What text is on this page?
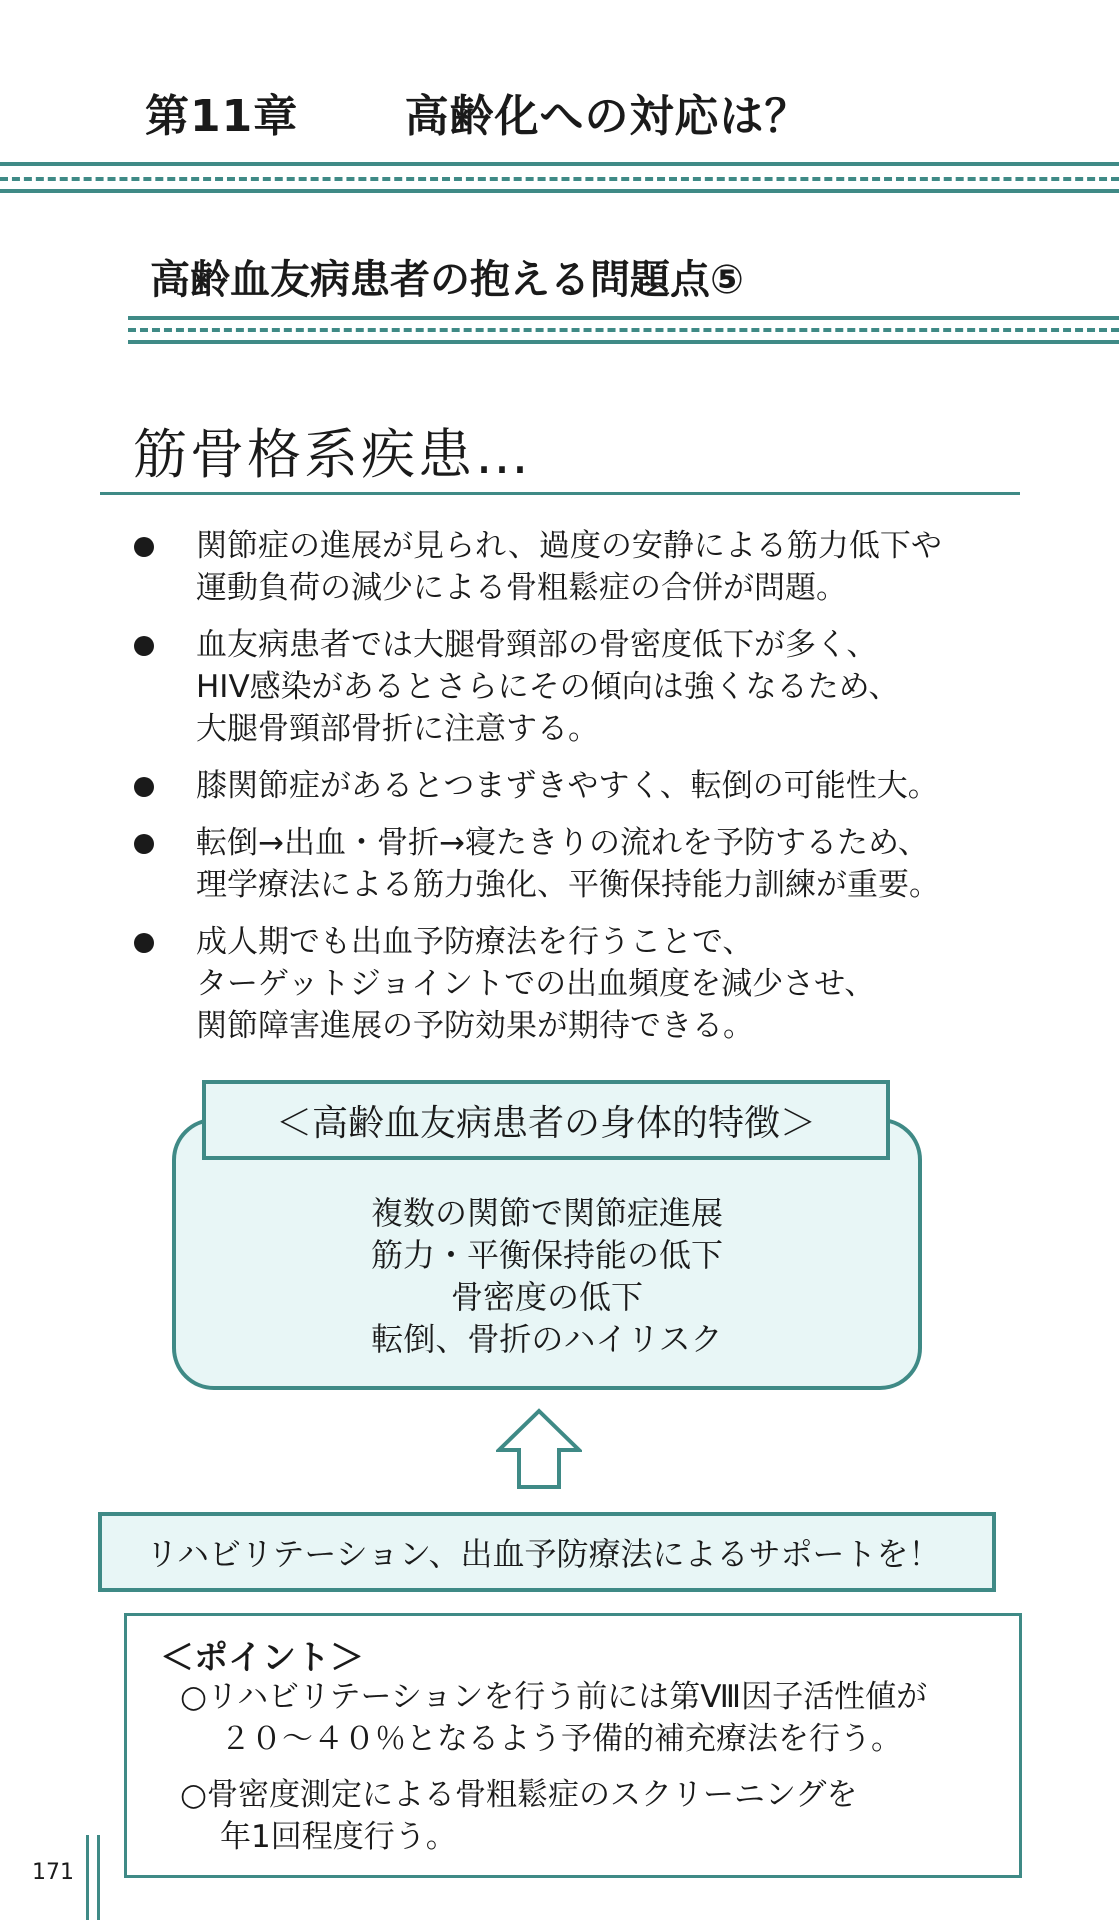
第11章 高齢化への対応は？
高齢血友病患者の抱える問題点⑤
筋骨格系疾患…
関節症の進展が見られ、過度の安静による筋力低下や
運動負荷の減少による骨粗鬆症の合併が問題。
血友病患者では大腿骨頸部の骨密度低下が多く、
HIV感染があるとさらにその傾向は強くなるため、
大腿骨頸部骨折に注意する。
膝関節症があるとつまずきやすく、転倒の可能性大。
転倒→出血・骨折→寝たきりの流れを予防するため、
理学療法による筋力強化、平衡保持能力訓練が重要。
成人期でも出血予防療法を行うことで、
ターゲットジョイントでの出血頻度を減少させ、
関節障害進展の予防効果が期待できる。
＜高齢血友病患者の身体的特徴＞
複数の関節で関節症進展
筋力・平衡保持能の低下
骨密度の低下
転倒、骨折のハイリスク
リハビリテーション、出血予防療法によるサポートを！
＜ポイント＞
○リハビリテーションを行う前には第Ⅷ因子活性値が
２０～４０％となるよう予備的補充療法を行う。
○骨密度測定による骨粗鬆症のスクリーニングを
年1回程度行う。
171
